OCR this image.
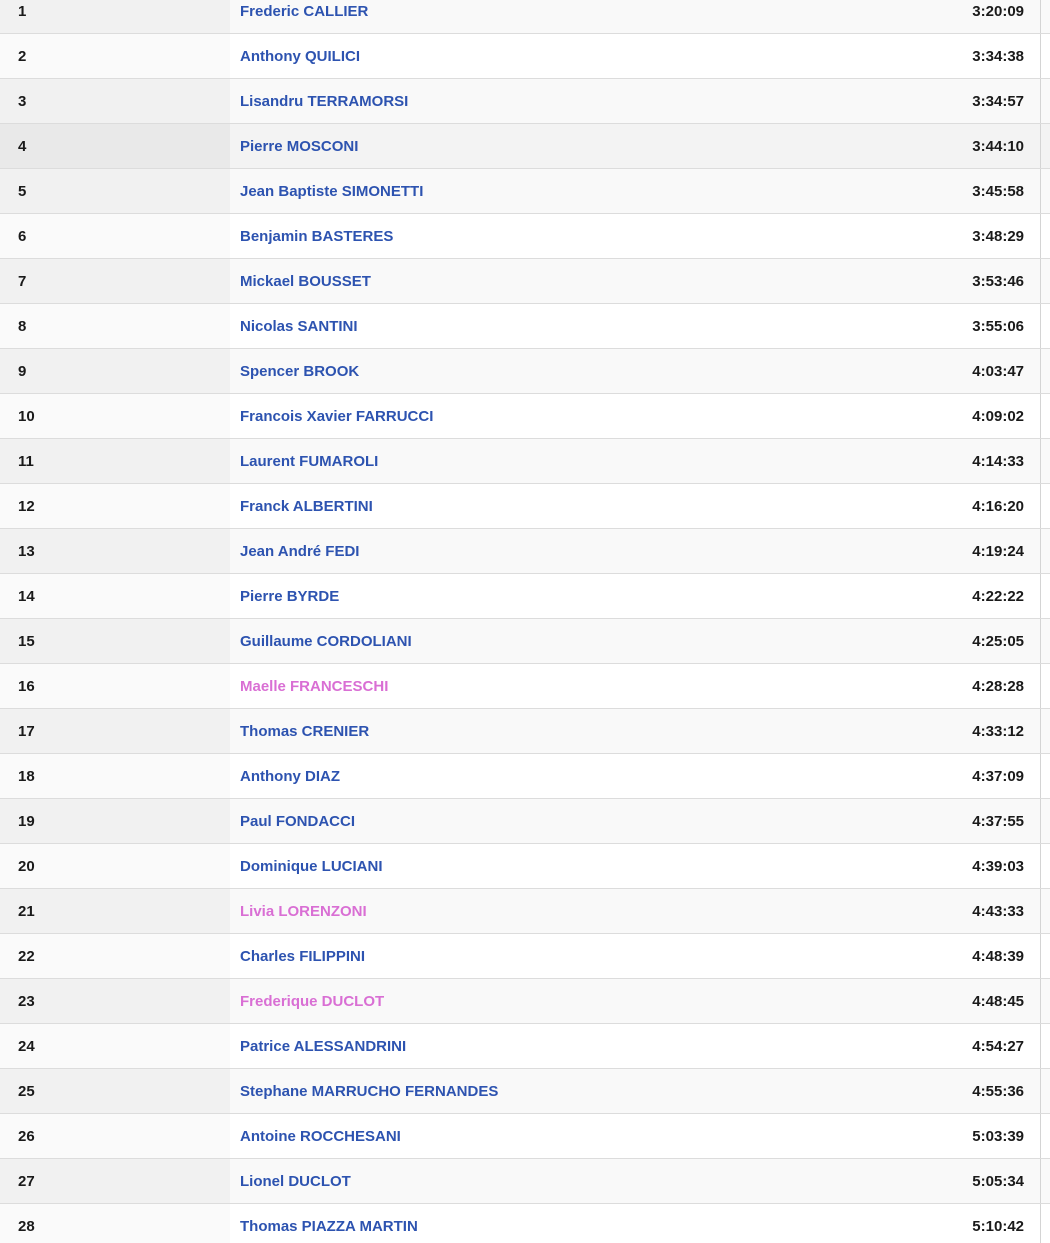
1	Frederic CALLIER	3:20:09
2	Anthony QUILICI	3:34:38
3	Lisandru TERRAMORSI	3:34:57
4	Pierre MOSCONI	3:44:10
5	Jean Baptiste SIMONETTI	3:45:58
6	Benjamin BASTERES	3:48:29
7	Mickael BOUSSET	3:53:46
8	Nicolas SANTINI	3:55:06
9	Spencer BROOK	4:03:47
10	Francois Xavier FARRUCCI	4:09:02
11	Laurent FUMAROLI	4:14:33
12	Franck ALBERTINI	4:16:20
13	Jean André FEDI	4:19:24
14	Pierre BYRDE	4:22:22
15	Guillaume CORDOLIANI	4:25:05
16	Maelle FRANCESCHI	4:28:28
17	Thomas CRENIER	4:33:12
18	Anthony DIAZ	4:37:09
19	Paul FONDACCI	4:37:55
20	Dominique LUCIANI	4:39:03
21	Livia LORENZONI	4:43:33
22	Charles FILIPPINI	4:48:39
23	Frederique DUCLOT	4:48:45
24	Patrice ALESSANDRINI	4:54:27
25	Stephane MARRUCHO FERNANDES	4:55:36
26	Antoine ROCCHESANI	5:03:39
27	Lionel DUCLOT	5:05:34
28	Thomas PIAZZA MARTIN	5:10:42
